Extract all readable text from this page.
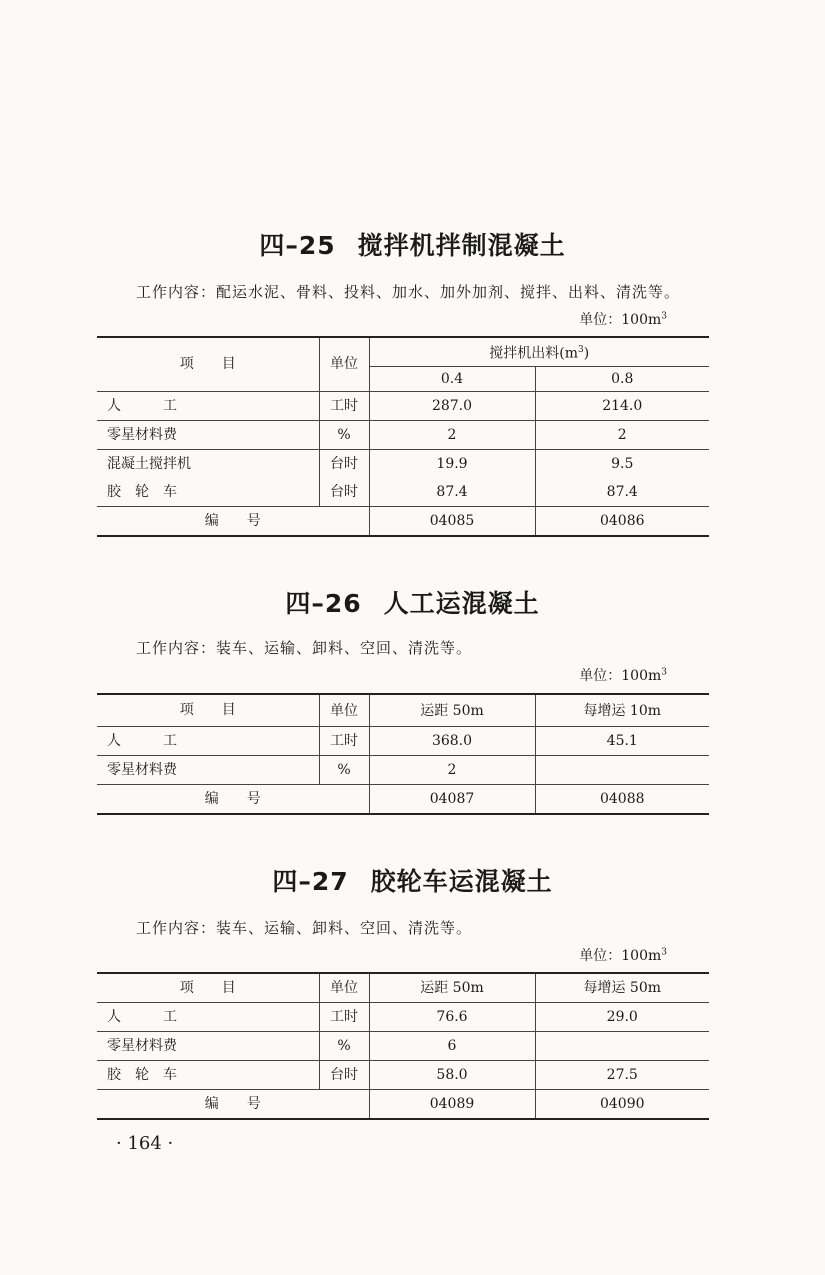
四–25 搅拌机拌制混凝土
工作内容：配运水泥、骨料、投料、加水、加外加剂、搅拌、出料、清洗等。
单位：$100m^3$
项　　目	单位	搅拌机出料$(m^3)$	
		0.4	0.8
人　　　工	工时	287.0	214.0
零星材料费	%	2	2
混凝土搅拌机	台时	19.9	9.5
胶　轮　车	台时	87.4	87.4
编　　号		04085	04086
四–26 人工运混凝土
工作内容：装车、运输、卸料、空回、清洗等。
单位：$100m^3$
项　　目	单位	运距 50m	每增运 10m
人　　　工	工时	368.0	45.1
零星材料费	%	2	
编　　号		04087	04088
四–27 胶轮车运混凝土
工作内容：装车、运输、卸料、空回、清洗等。
单位：$100m^3$
项　　目	单位	运距 50m	每增运 50m
人　　　工	工时	76.6	29.0
零星材料费	%	6	
胶　轮　车	台时	58.0	27.5
编　　号		04089	04090
· 164 ·
